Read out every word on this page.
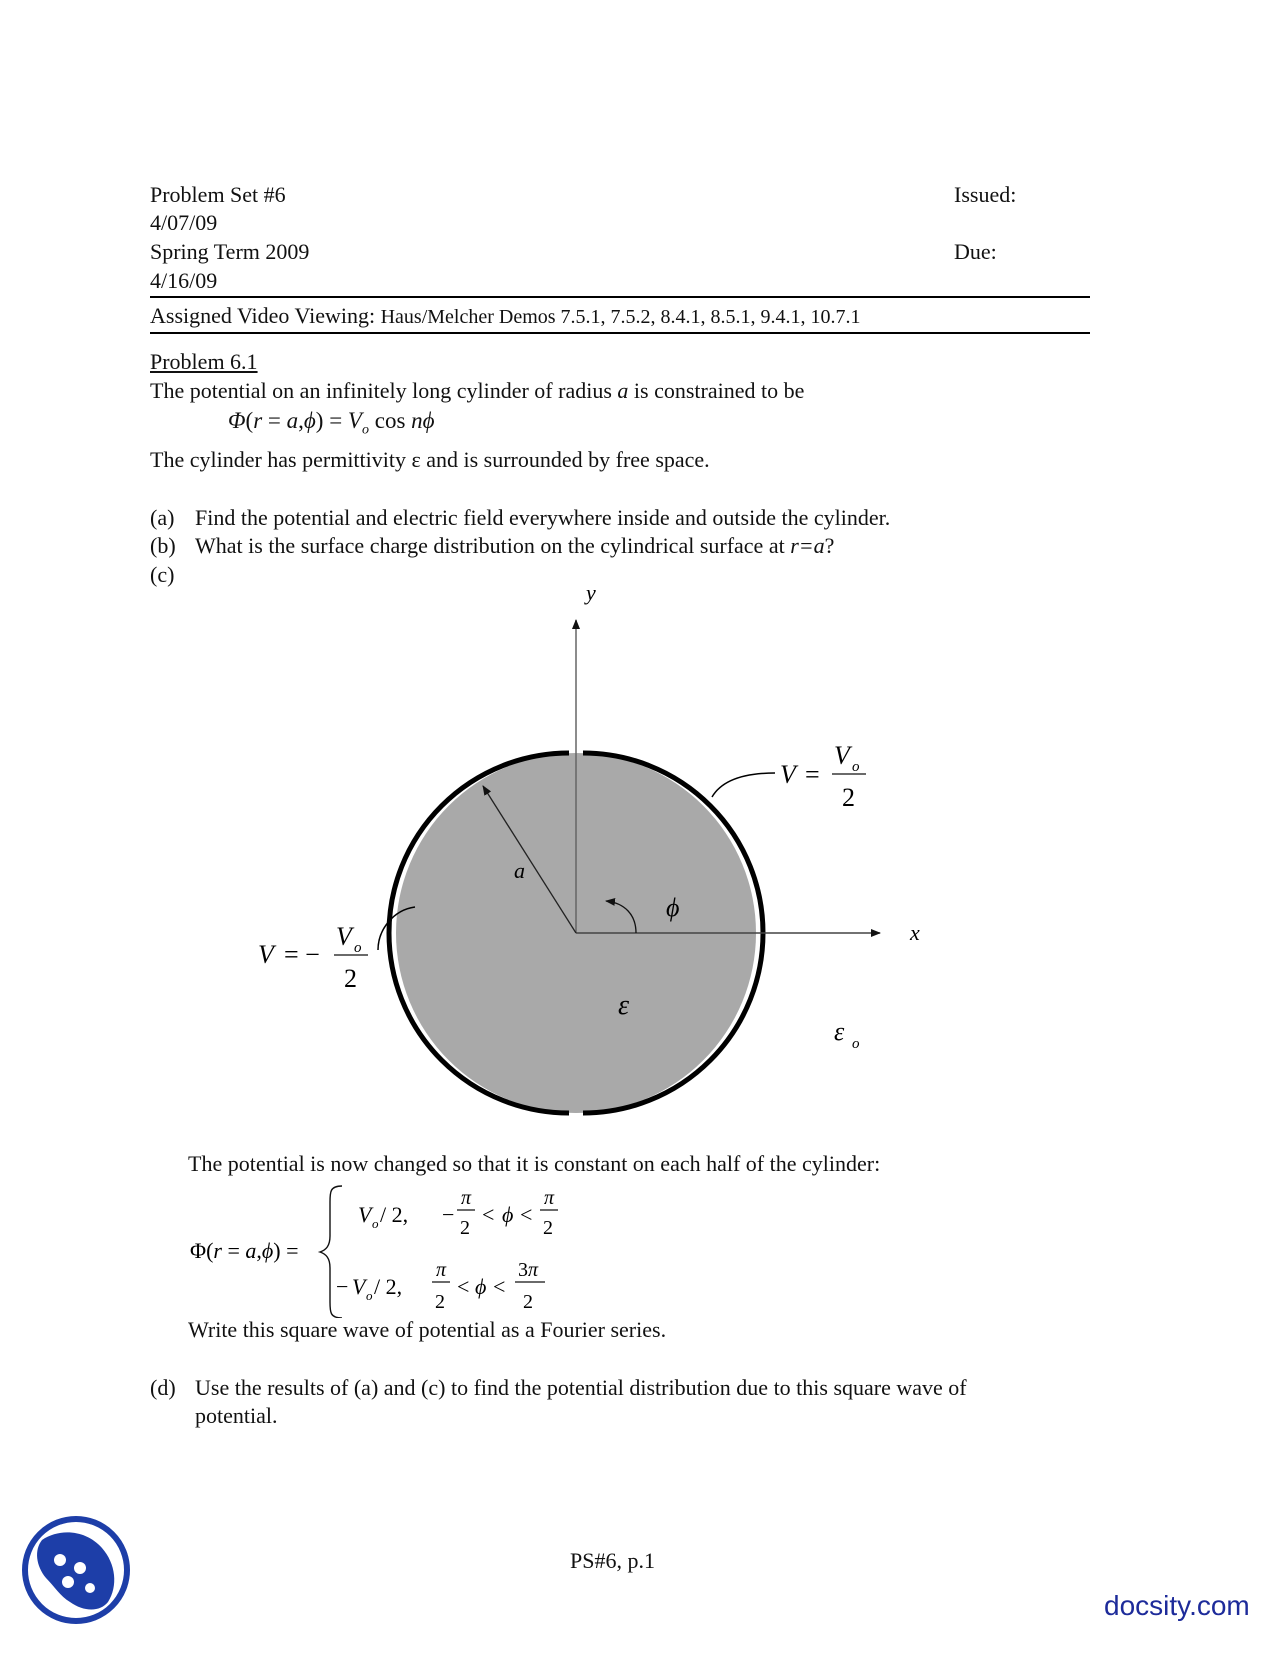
Problem Set #6	Issued:
4/07/09
Spring Term 2009	Due:
4/16/09
Assigned Video Viewing: Haus/Melcher Demos 7.5.1, 7.5.2, 8.4.1, 8.5.1, 9.4.1, 10.7.1
Problem 6.1
The potential on an infinitely long cylinder of radius a is constrained to be
$\Phi(r = a,\phi) = V_o$ cos nϕ
The cylinder has permittivity ε and is surrounded by free space.
(a) Find the potential and electric field everywhere inside and outside the cylinder.
(b) What is the surface charge distribution on the cylindrical surface at r=a?
(c)
y
x
a
ϕ
ε
ε o
V =
V o
2
V = −
V o
2
The potential is now changed so that it is constant on each half of the cylinder:
Φ(r = a,ϕ) =
V o / 2, −
π
2
< ϕ <
π
2
− V o / 2,
π
2
< ϕ <
3π
2
Write this square wave of potential as a Fourier series.
(d) Use the results of (a) and (c) to find the potential distribution due to this square wave of
potential.
PS#6, p.1
docsity.com
